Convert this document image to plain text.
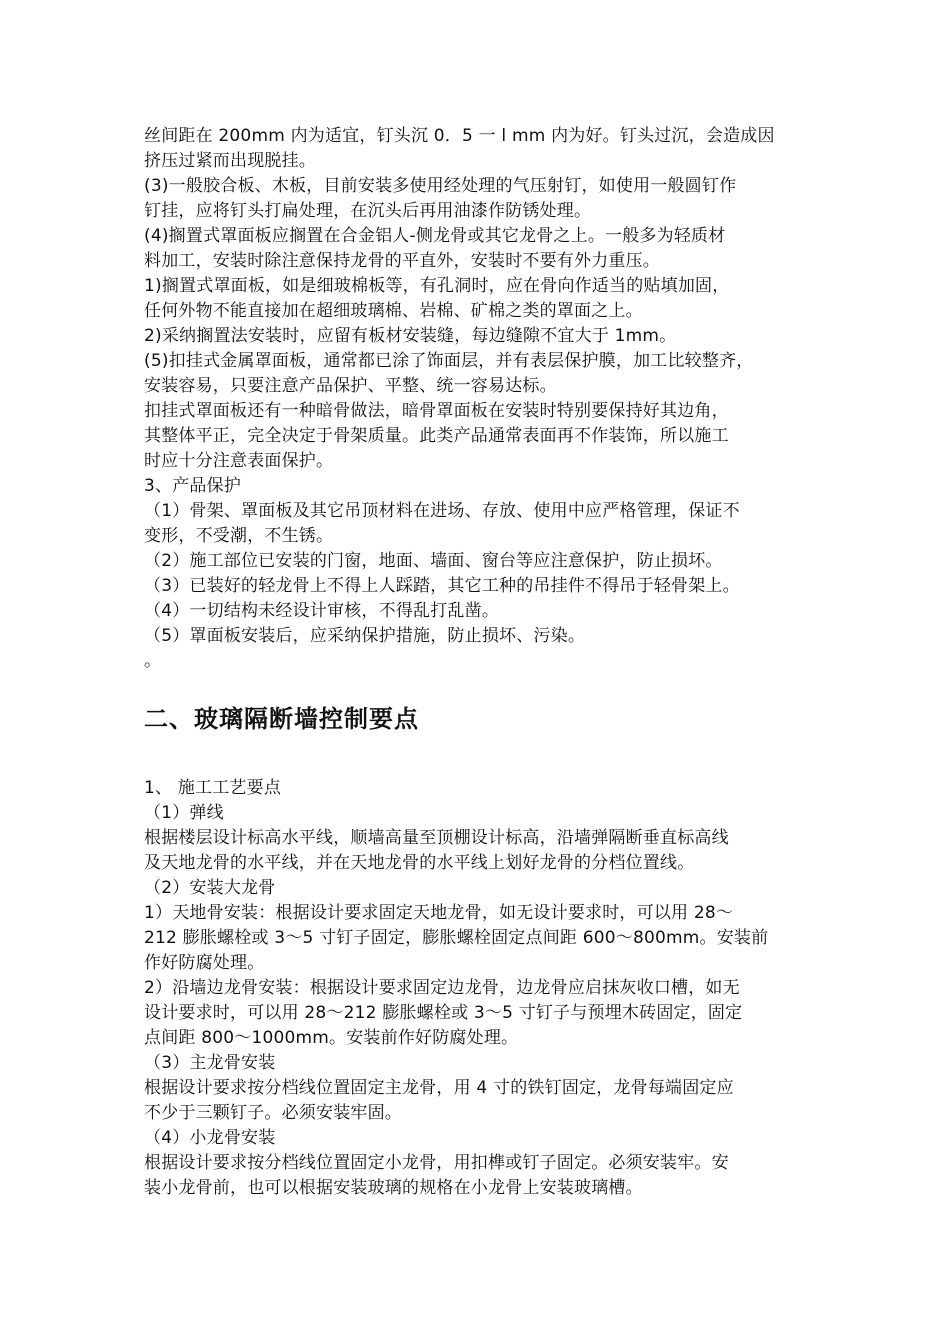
丝间距在 200mm 内为适宜，钉头沉 0．5 一 l mm 内为好。钉头过沉，会造成因
挤压过紧而出现脱挂。
(3)一般胶合板、木板，目前安装多使用经处理的气压射钉，如使用一般圆钉作
钉挂，应将钉头打扁处理，在沉头后再用油漆作防锈处理。
(4)搁置式罩面板应搁置在合金铝人-侧龙骨或其它龙骨之上。一般多为轻质材
料加工，安装时除注意保持龙骨的平直外，安装时不要有外力重压。
1)搁置式罩面板，如是细玻棉板等，有孔洞时，应在骨向作适当的贴填加固，
任何外物不能直接加在超细玻璃棉、岩棉、矿棉之类的罩面之上。
2)采纳搁置法安装时，应留有板材安装缝，每边缝隙不宜大于 1mm。
(5)扣挂式金属罩面板，通常都已涂了饰面层，并有表层保护膜，加工比较整齐，
安装容易，只要注意产品保护、平整、统一容易达标。
扣挂式罩面板还有一种暗骨做法，暗骨罩面板在安装时特别要保持好其边角，
其整体平正，完全决定于骨架质量。此类产品通常表面再不作装饰，所以施工
时应十分注意表面保护。
3、产品保护
（1）骨架、罩面板及其它吊顶材料在进场、存放、使用中应严格管理，保证不
变形，不受潮，不生锈。
（2）施工部位已安装的门窗，地面、墙面、窗台等应注意保护，防止损坏。
（3）已装好的轻龙骨上不得上人踩踏，其它工种的吊挂件不得吊于轻骨架上。
（4）一切结构未经设计审核，不得乱打乱凿。
（5）罩面板安装后，应采纳保护措施，防止损坏、污染。
。
二、玻璃隔断墙控制要点
1、 施工工艺要点
（1）弹线
根据楼层设计标高水平线，顺墙高量至顶棚设计标高，沿墙弹隔断垂直标高线
及天地龙骨的水平线，并在天地龙骨的水平线上划好龙骨的分档位置线。
（2）安装大龙骨
1）天地骨安装：根据设计要求固定天地龙骨，如无设计要求时，可以用 28～
212 膨胀螺栓或 3～5 寸钉子固定，膨胀螺栓固定点间距 600～800mm。安装前
作好防腐处理。
2）沿墙边龙骨安装：根据设计要求固定边龙骨，边龙骨应启抹灰收口槽，如无
设计要求时，可以用 28～212 膨胀螺栓或 3～5 寸钉子与预埋木砖固定，固定
点间距 800～1000mm。安装前作好防腐处理。
（3）主龙骨安装
根据设计要求按分档线位置固定主龙骨，用 4 寸的铁钉固定，龙骨每端固定应
不少于三颗钉子。必须安装牢固。
（4）小龙骨安装
根据设计要求按分档线位置固定小龙骨，用扣榫或钉子固定。必须安装牢。安
装小龙骨前，也可以根据安装玻璃的规格在小龙骨上安装玻璃槽。
